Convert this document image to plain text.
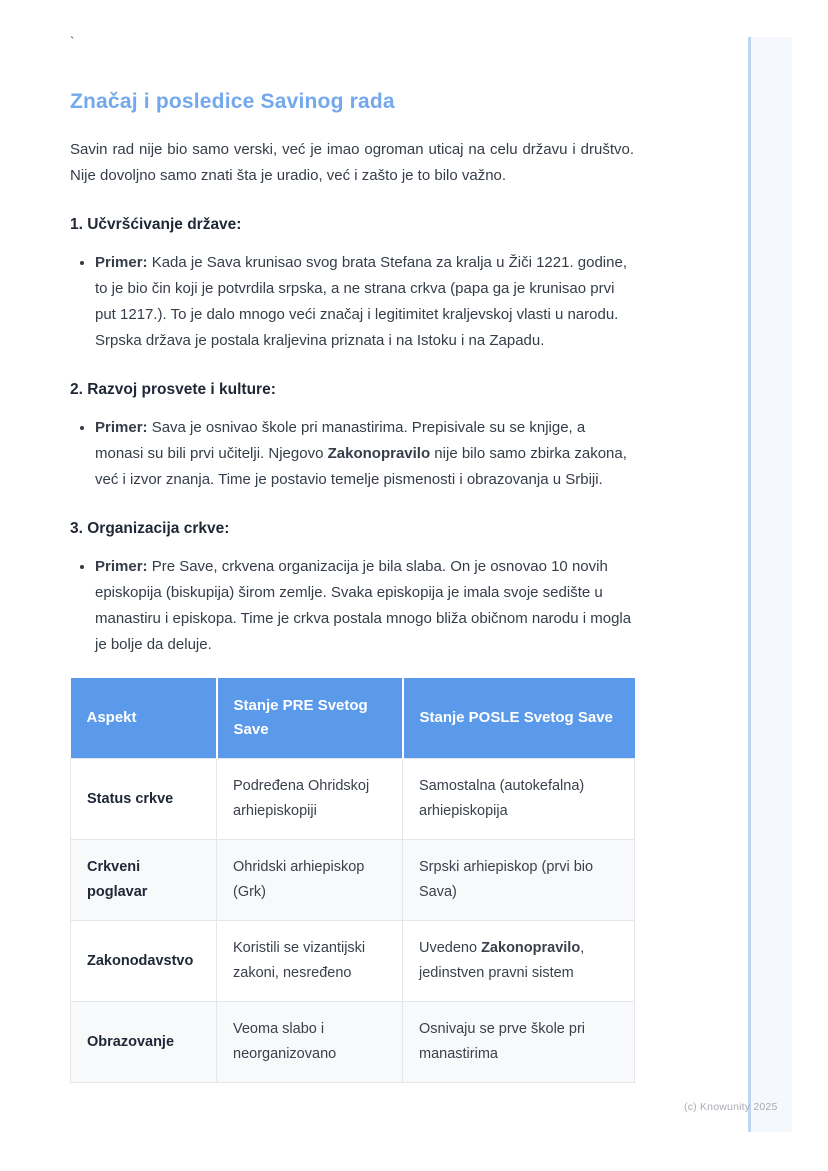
`
Značaj i posledice Savinog rada

Savin rad nije bio samo verski, već je imao ogroman uticaj na celu državu i društvo. Nije dovoljno samo znati šta je uradio, već i zašto je to bilo važno.

1. Učvršćivanje države:
• Primer: Kada je Sava krunisao svog brata Stefana za kralja u Žiči 1221. godine, to je bio čin koji je potvrdila srpska, a ne strana crkva (papa ga je krunisao prvi put 1217.). To je dalo mnogo veći značaj i legitimitet kraljevskoj vlasti u narodu. Srpska država je postala kraljevina priznata i na Istoku i na Zapadu.
2. Razvoj prosvete i kulture:
• Primer: Sava je osnivao škole pri manastirima. Prepisivale su se knjige, a monasi su bili prvi učitelji. Njegovo Zakonopravilo nije bilo samo zbirka zakona, već i izvor znanja. Time je postavio temelje pismenosti i obrazovanja u Srbiji.
3. Organizacija crkve:
• Primer: Pre Save, crkvena organizacija je bila slaba. On je osnovao 10 novih episkopija (biskupija) širom zemlje. Svaka episkopija je imala svoje sedište u manastiru i episkopa. Time je crkva postala mnogo bliža običnom narodu i mogla je bolje da deluje.
Aspekt	Stanje PRE Svetog Save	Stanje POSLE Svetog Save
Status crkve	Podređena Ohridskoj arhiepiskopiji	Samostalna (autokefalna) arhiepiskopija
Crkveni poglavar	Ohridski arhiepiskop (Grk)	Srpski arhiepiskop (prvi bio Sava)
Zakonodavstvo	Koristili se vizantijski zakoni, nesređeno	Uvedeno Zakonopravilo, jedinstven pravni sistem
Obrazovanje	Veoma slabo i neorganizovano	Osnivaju se prve škole pri manastirima
(c) Knowunity 2025
